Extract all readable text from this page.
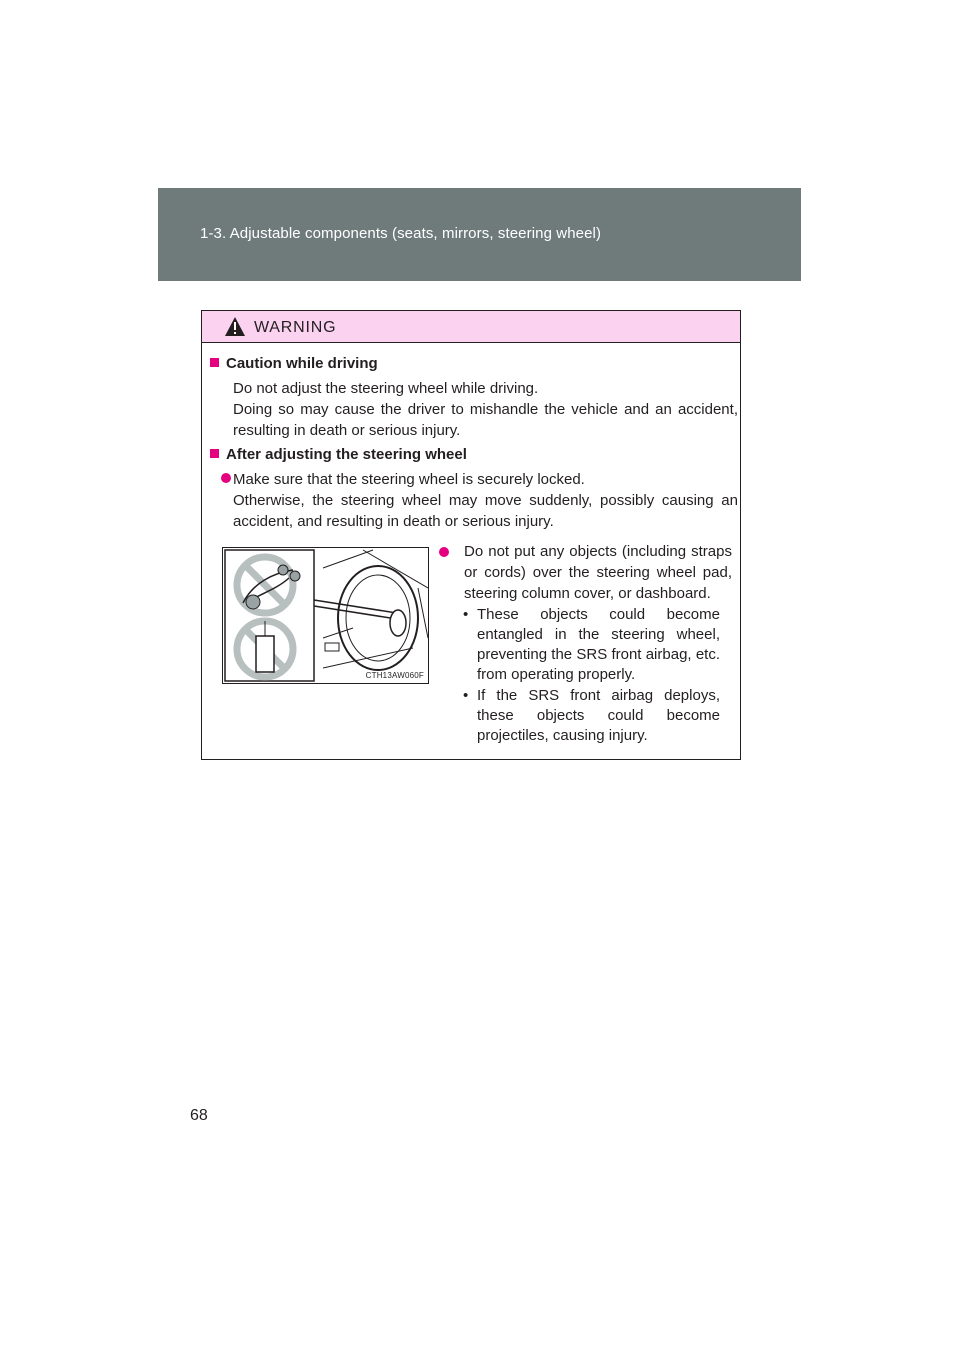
1-3. Adjustable components (seats, mirrors, steering wheel)
WARNING
Caution while driving
Do not adjust the steering wheel while driving.
Doing so may cause the driver to mishandle the vehicle and an accident, resulting in death or serious injury.
After adjusting the steering wheel
Make sure that the steering wheel is securely locked.
Otherwise, the steering wheel may move suddenly, possibly causing an accident, and resulting in death or serious injury.
CTH13AW060F
Do not put any objects (including straps or cords) over the steering wheel pad, steering column cover, or dashboard.
• These objects could become entangled in the steering wheel, preventing the SRS front airbag, etc. from operating properly.
• If the SRS front airbag deploys, these objects could become projectiles, causing injury.
68
